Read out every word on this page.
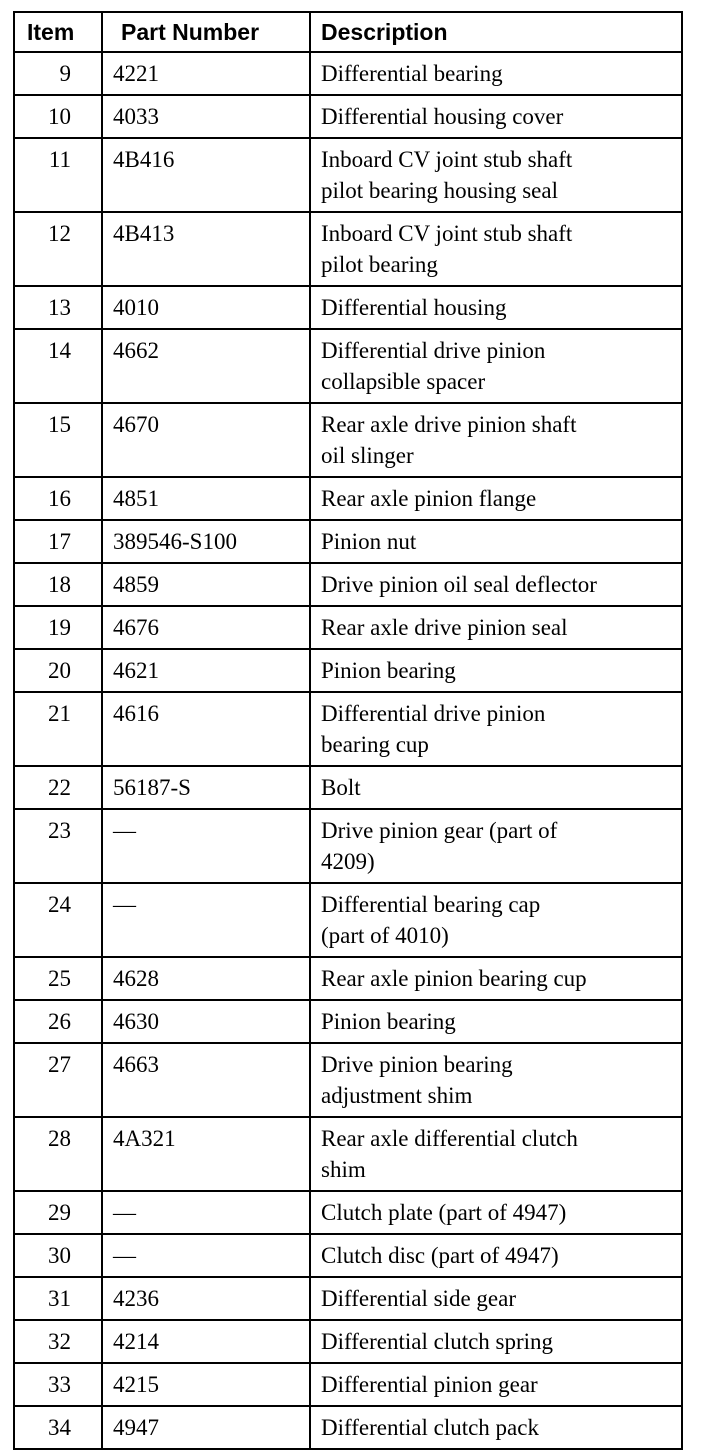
Item	Part Number	Description
9	4221	Differential bearing
10	4033	Differential housing cover
11	4B416	Inboard CV joint stub shaft
pilot bearing housing seal
12	4B413	Inboard CV joint stub shaft
pilot bearing
13	4010	Differential housing
14	4662	Differential drive pinion
collapsible spacer
15	4670	Rear axle drive pinion shaft
oil slinger
16	4851	Rear axle pinion flange
17	389546-S100	Pinion nut
18	4859	Drive pinion oil seal deflector
19	4676	Rear axle drive pinion seal
20	4621	Pinion bearing
21	4616	Differential drive pinion
bearing cup
22	56187-S	Bolt
23	—	Drive pinion gear (part of
4209)
24	—	Differential bearing cap
(part of 4010)
25	4628	Rear axle pinion bearing cup
26	4630	Pinion bearing
27	4663	Drive pinion bearing
adjustment shim
28	4A321	Rear axle differential clutch
shim
29	—	Clutch plate (part of 4947)
30	—	Clutch disc (part of 4947)
31	4236	Differential side gear
32	4214	Differential clutch spring
33	4215	Differential pinion gear
34	4947	Differential clutch pack
